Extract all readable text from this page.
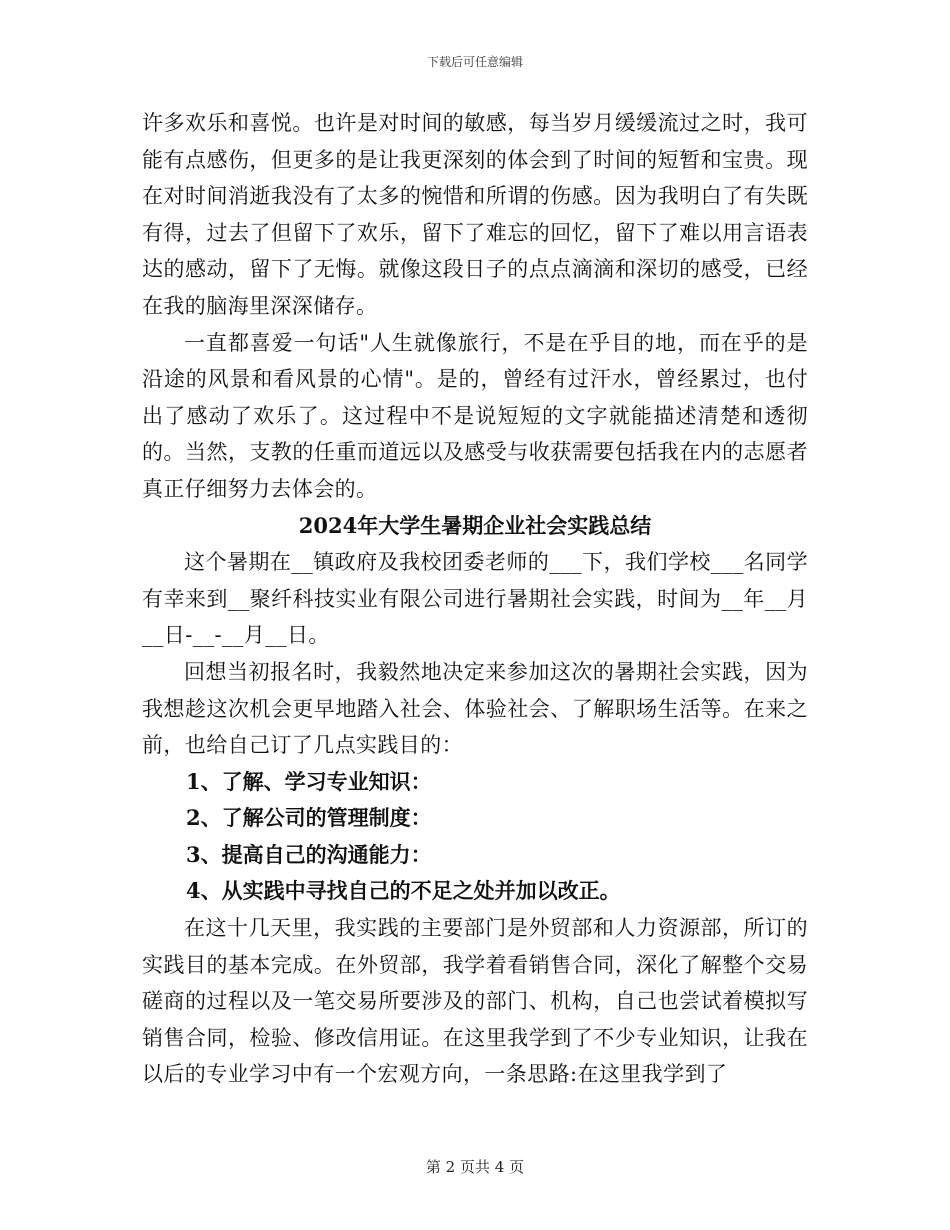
下载后可任意编辑

许多欢乐和喜悦。也许是对时间的敏感，每当岁月缓缓流过之时，我可能有点感伤，但更多的是让我更深刻的体会到了时间的短暂和宝贵。现在对时间消逝我没有了太多的惋惜和所谓的伤感。因为我明白了有失既有得，过去了但留下了欢乐，留下了难忘的回忆，留下了难以用言语表达的感动，留下了无悔。就像这段日子的点点滴滴和深切的感受，已经在我的脑海里深深储存。

一直都喜爱一句话"人生就像旅行，不是在乎目的地，而在乎的是沿途的风景和看风景的心情"。是的，曾经有过汗水，曾经累过，也付出了感动了欢乐了。这过程中不是说短短的文字就能描述清楚和透彻的。当然，支教的任重而道远以及感受与收获需要包括我在内的志愿者真正仔细努力去体会的。

2024年大学生暑期企业社会实践总结

这个暑期在__镇政府及我校团委老师的___下，我们学校___名同学有幸来到__聚纤科技实业有限公司进行暑期社会实践，时间为__年__月__日-__-__月__日。

回想当初报名时，我毅然地决定来参加这次的暑期社会实践，因为我想趁这次机会更早地踏入社会、体验社会、了解职场生活等。在来之前，也给自己订了几点实践目的：

1、了解、学习专业知识：

2、了解公司的管理制度：

3、提高自己的沟通能力：

4、从实践中寻找自己的不足之处并加以改正。

在这十几天里，我实践的主要部门是外贸部和人力资源部，所订的实践目的基本完成。在外贸部，我学着看销售合同，深化了解整个交易磋商的过程以及一笔交易所要涉及的部门、机构，自己也尝试着模拟写销售合同，检验、修改信用证。在这里我学到了不少专业知识，让我在以后的专业学习中有一个宏观方向，一条思路:在这里我学到了

第 2 页共 4 页
